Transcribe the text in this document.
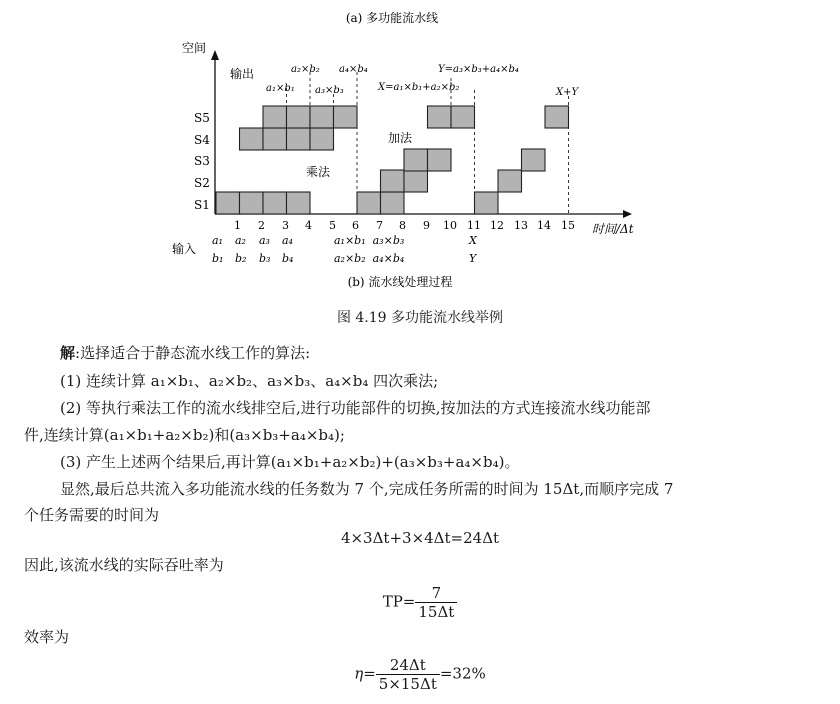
(a) 多功能流水线
空间
时间/Δt
S5
S4
S3
S2
S1
输出
乘法
加法
a₁×b₁
a₂×b₂
a₃×b₃
a₄×b₄
X=a₁×b₁+a₂×b₂
Y=a₃×b₃+a₄×b₄
X+Y
1 2 3 4 5 6 7 8 9 10 11 12 13 14 15
输入
a₁ a₂ a₃ a₄
b₁ b₂ b₃ b₄
a₁×b₁  a₃×b₃
a₂×b₂  a₄×b₄
X
Y
(b) 流水线处理过程
图 4.19 多功能流水线举例
解:选择适合于静态流水线工作的算法:
(1) 连续计算 a₁×b₁、a₂×b₂、a₃×b₃、a₄×b₄ 四次乘法;
(2) 等执行乘法工作的流水线排空后,进行功能部件的切换,按加法的方式连接流水线功能部
件,连续计算(a₁×b₁+a₂×b₂)和(a₃×b₃+a₄×b₄);
(3) 产生上述两个结果后,再计算(a₁×b₁+a₂×b₂)+(a₃×b₃+a₄×b₄)。
显然,最后总共流入多功能流水线的任务数为 7 个,完成任务所需的时间为 15Δt,而顺序完成 7
个任务需要的时间为
4×3Δt+3×4Δt=24Δt
因此,该流水线的实际吞吐率为
$TP= \frac{7}{15\Delta t}$
效率为
$\eta= \frac{24\Delta t}{5\times 15\Delta t} =32\%$
